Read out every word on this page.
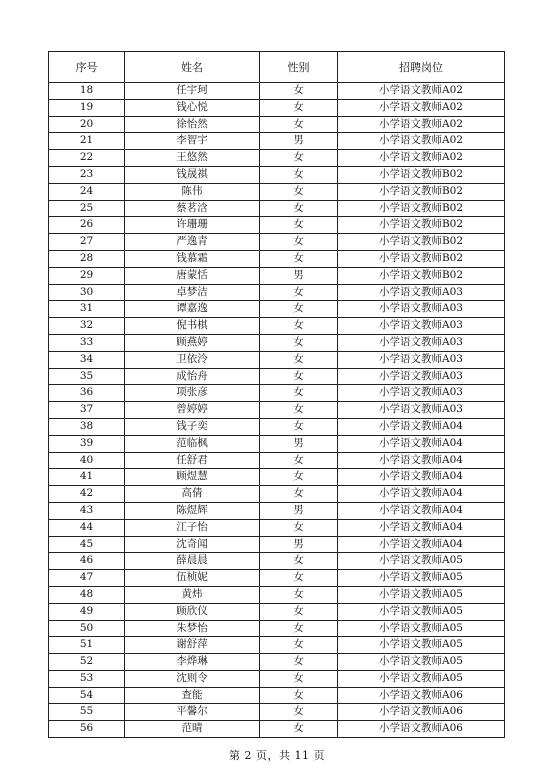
序号	姓名	性别	招聘岗位
18	任宇珂	女	小学语文教师A02
19	钱心悦	女	小学语文教师A02
20	徐怡然	女	小学语文教师A02
21	李智宇	男	小学语文教师A02
22	王悠然	女	小学语文教师A02
23	钱晟祺	女	小学语文教师B02
24	陈伟	女	小学语文教师B02
25	蔡茗浛	女	小学语文教师B02
26	许珊珊	女	小学语文教师B02
27	严逸青	女	小学语文教师B02
28	钱慕霜	女	小学语文教师B02
29	唐蒙恬	男	小学语文教师B02
30	卓梦洁	女	小学语文教师A03
31	谭嘉逸	女	小学语文教师A03
32	倪书棋	女	小学语文教师A03
33	顾燕婷	女	小学语文教师A03
34	卫依泠	女	小学语文教师A03
35	成怡舟	女	小学语文教师A03
36	项张彦	女	小学语文教师A03
37	曾婷婷	女	小学语文教师A03
38	钱子奕	女	小学语文教师A04
39	范临枫	男	小学语文教师A04
40	任舒君	女	小学语文教师A04
41	顾煜慧	女	小学语文教师A04
42	高倩	女	小学语文教师A04
43	陈煜辉	男	小学语文教师A04
44	江子怡	女	小学语文教师A04
45	沈奇闻	男	小学语文教师A04
46	薛晨晨	女	小学语文教师A05
47	伍桢妮	女	小学语文教师A05
48	黄炜	女	小学语文教师A05
49	顾欣仪	女	小学语文教师A05
50	朱梦怡	女	小学语文教师A05
51	谢舒萍	女	小学语文教师A05
52	李烨琳	女	小学语文教师A05
53	沈则令	女	小学语文教师A05
54	查能	女	小学语文教师A06
55	平馨尔	女	小学语文教师A06
56	范晴	女	小学语文教师A06
第 2 页，共 11 页
